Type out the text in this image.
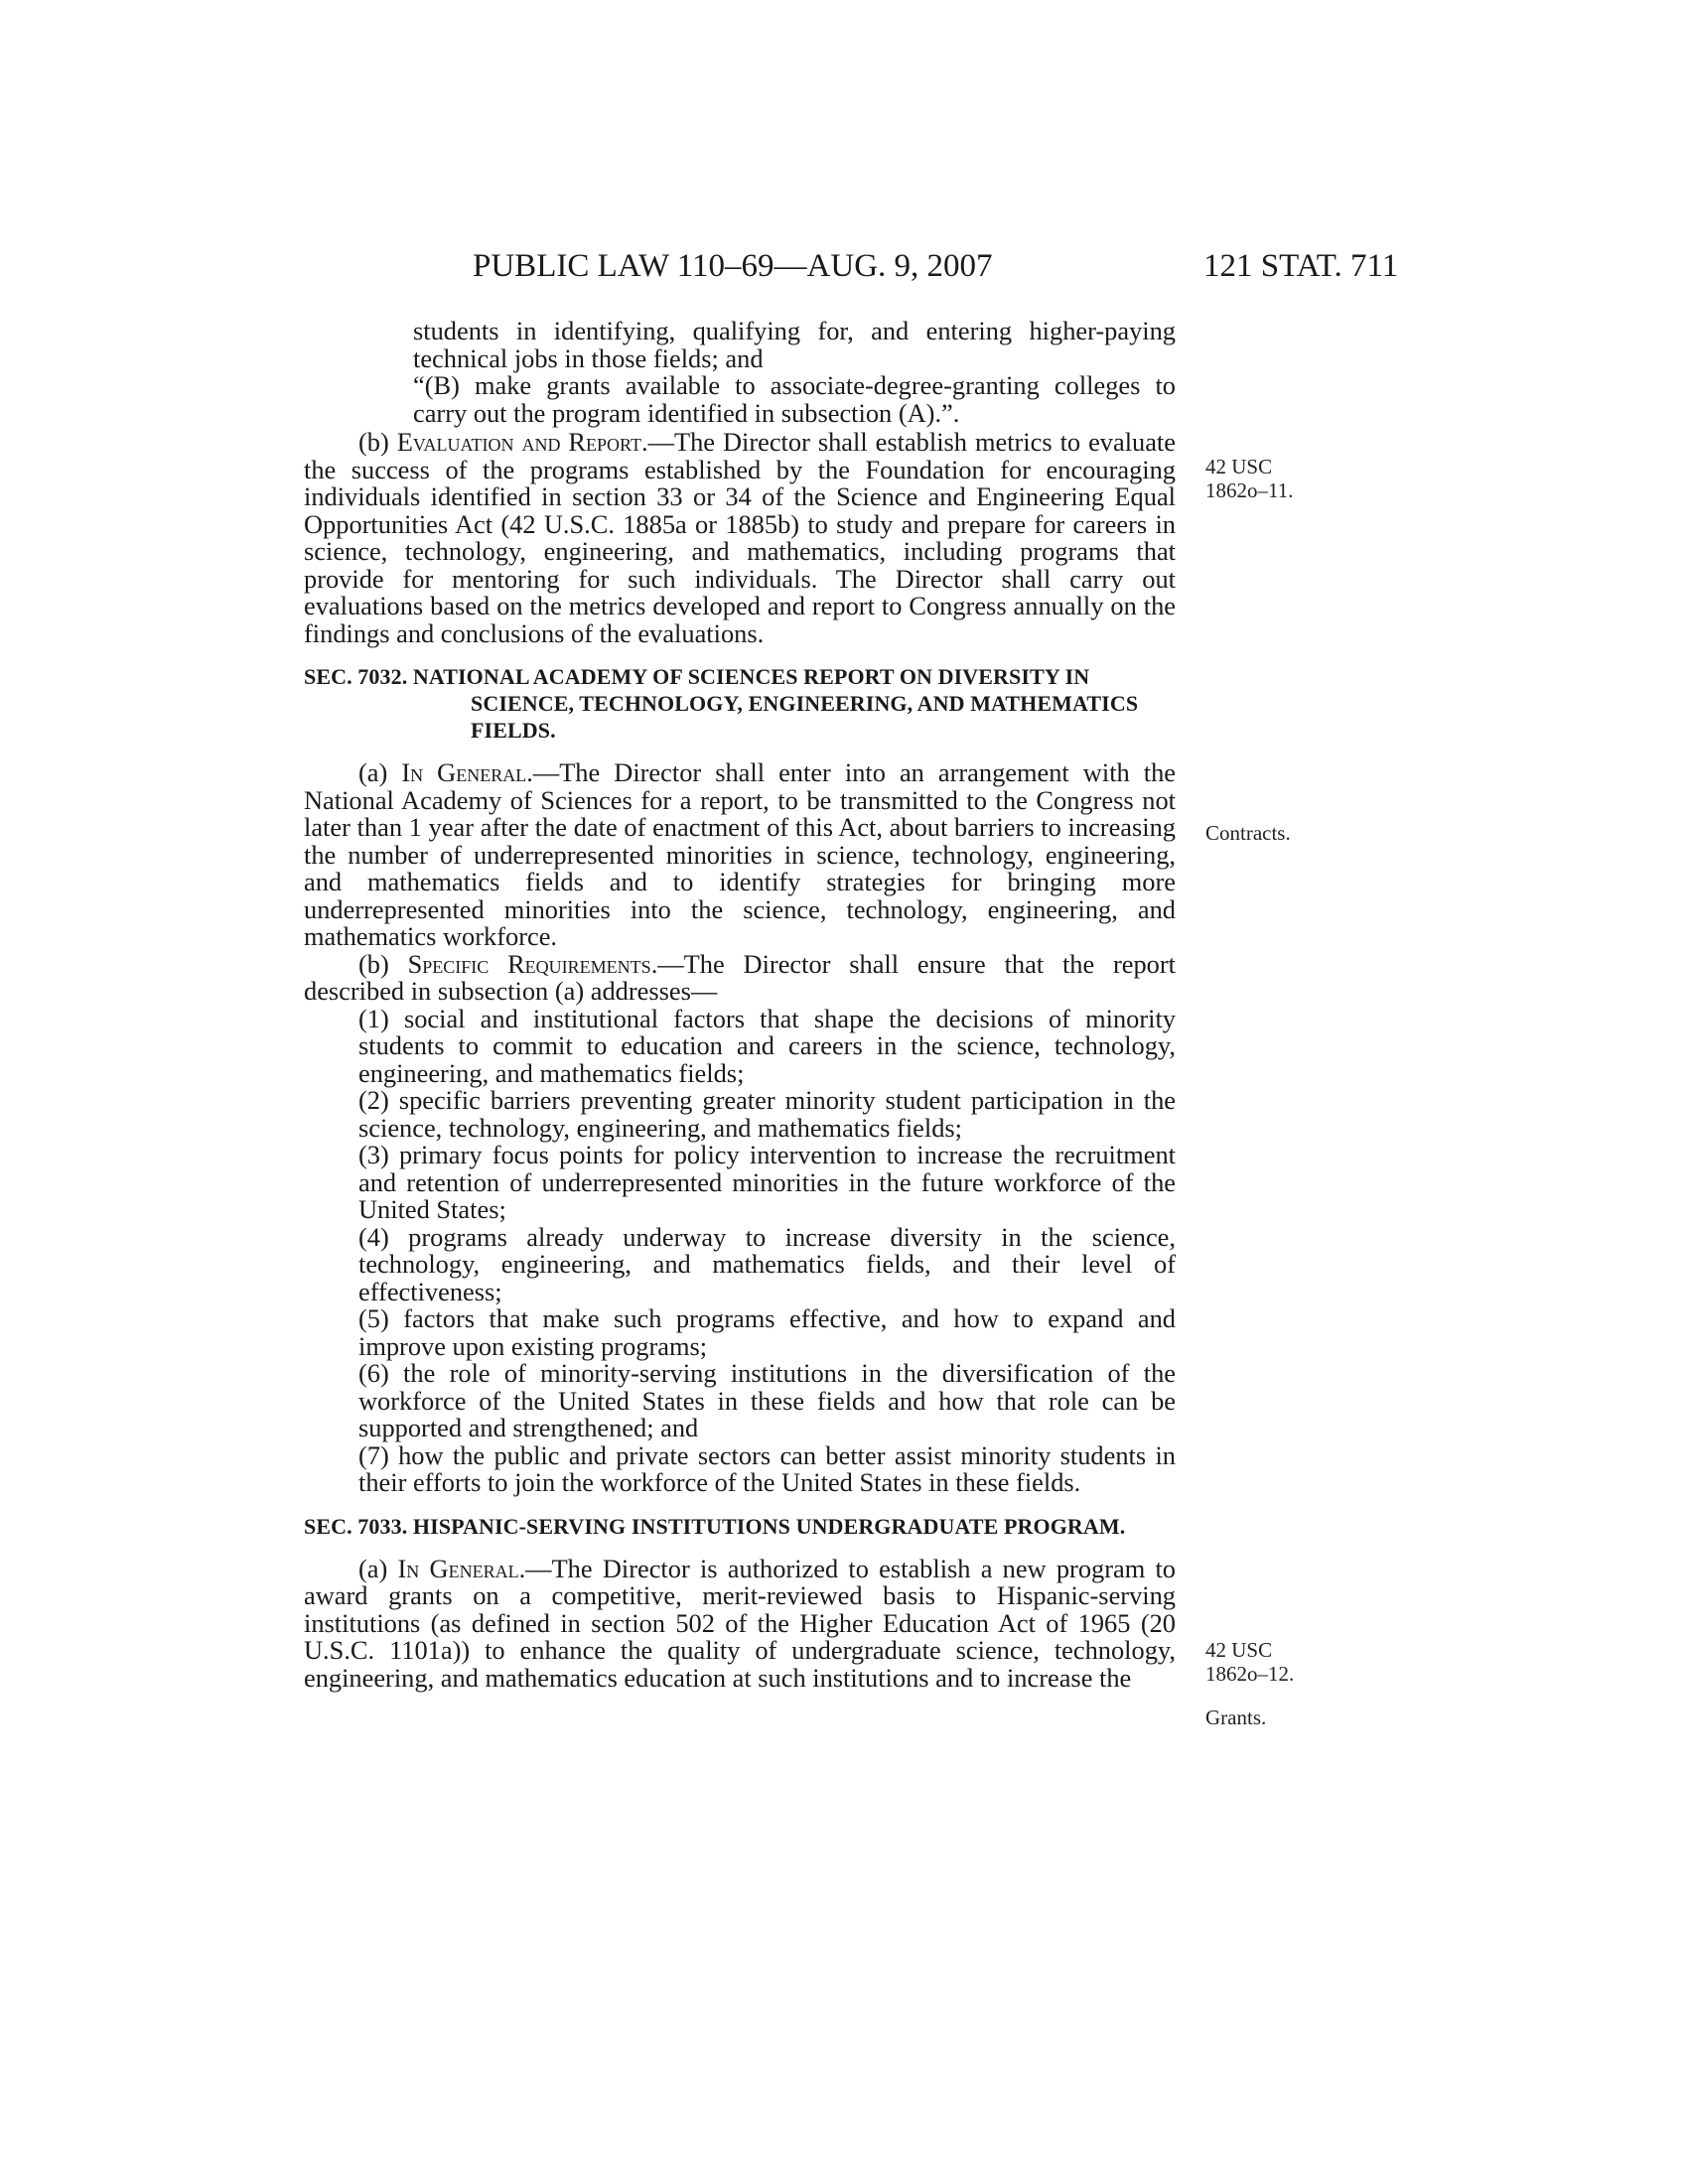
PUBLIC LAW 110–69—AUG. 9, 2007	121 STAT. 711

students in identifying, qualifying for, and entering higher-paying technical jobs in those fields; and

“(B) make grants available to associate-degree-granting colleges to carry out the program identified in subsection (A).”.

(b) Evaluation and Report.—The Director shall establish metrics to evaluate the success of the programs established by the Foundation for encouraging individuals identified in section 33 or 34 of the Science and Engineering Equal Opportunities Act (42 U.S.C. 1885a or 1885b) to study and prepare for careers in science, technology, engineering, and mathematics, including programs that provide for mentoring for such individuals. The Director shall carry out evaluations based on the metrics developed and report to Congress annually on the findings and conclusions of the evaluations.

SEC. 7032. NATIONAL ACADEMY OF SCIENCES REPORT ON DIVERSITY IN SCIENCE, TECHNOLOGY, ENGINEERING, AND MATHEMATICS FIELDS.

(a) In General.—The Director shall enter into an arrangement with the National Academy of Sciences for a report, to be transmitted to the Congress not later than 1 year after the date of enactment of this Act, about barriers to increasing the number of underrepresented minorities in science, technology, engineering, and mathematics fields and to identify strategies for bringing more underrepresented minorities into the science, technology, engineering, and mathematics workforce.

(b) Specific Requirements.—The Director shall ensure that the report described in subsection (a) addresses—

(1) social and institutional factors that shape the decisions of minority students to commit to education and careers in the science, technology, engineering, and mathematics fields;

(2) specific barriers preventing greater minority student participation in the science, technology, engineering, and mathematics fields;

(3) primary focus points for policy intervention to increase the recruitment and retention of underrepresented minorities in the future workforce of the United States;

(4) programs already underway to increase diversity in the science, technology, engineering, and mathematics fields, and their level of effectiveness;

(5) factors that make such programs effective, and how to expand and improve upon existing programs;

(6) the role of minority-serving institutions in the diversification of the workforce of the United States in these fields and how that role can be supported and strengthened; and

(7) how the public and private sectors can better assist minority students in their efforts to join the workforce of the United States in these fields.

SEC. 7033. HISPANIC-SERVING INSTITUTIONS UNDERGRADUATE PROGRAM.

(a) In General.—The Director is authorized to establish a new program to award grants on a competitive, merit-reviewed basis to Hispanic-serving institutions (as defined in section 502 of the Higher Education Act of 1965 (20 U.S.C. 1101a)) to enhance the quality of undergraduate science, technology, engineering, and mathematics education at such institutions and to increase the

42 USC
1862o–11.
Contracts.
42 USC
1862o–12.
Grants.
